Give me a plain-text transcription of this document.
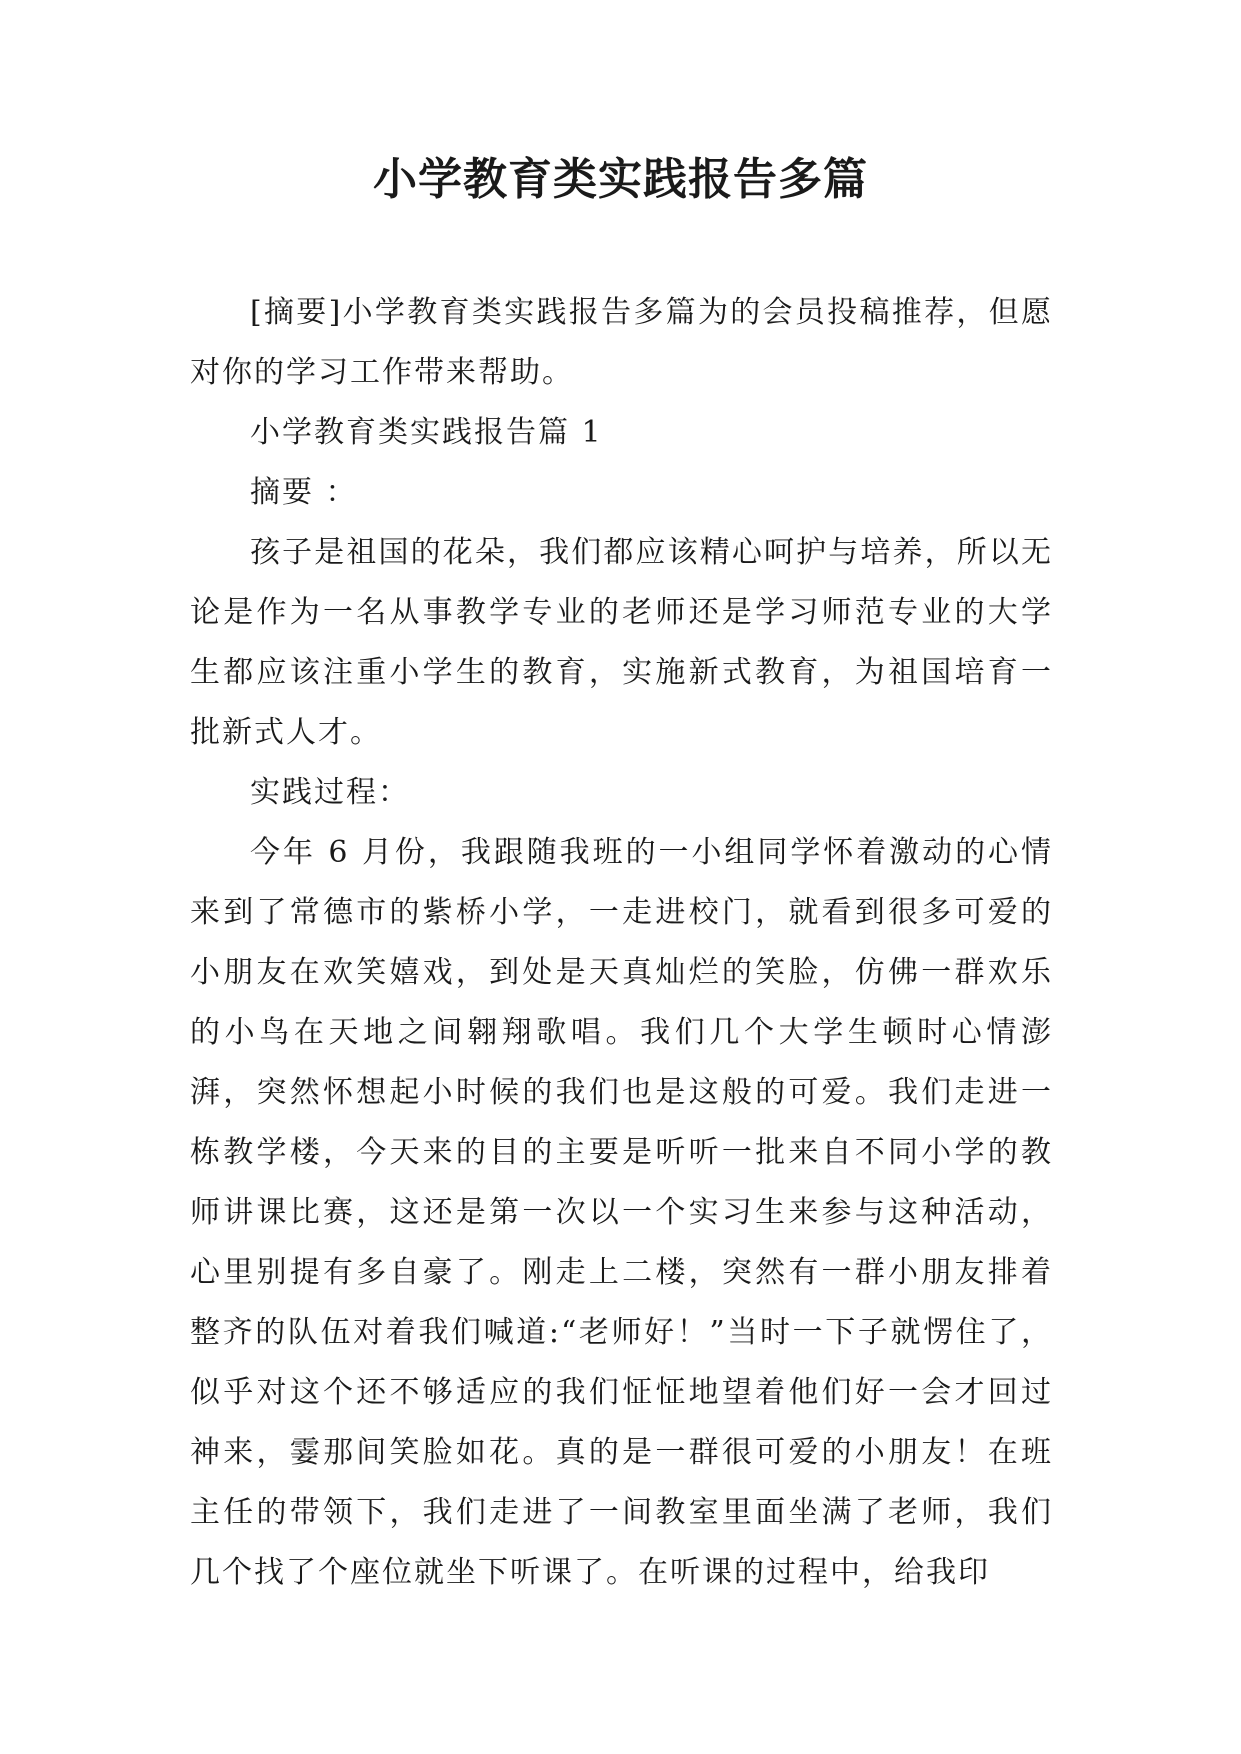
小学教育类实践报告多篇

[摘要]小学教育类实践报告多篇为的会员投稿推荐，但愿对你的学习工作带来帮助。

小学教育类实践报告篇 1

摘要 ：

孩子是祖国的花朵，我们都应该精心呵护与培养，所以无论是作为一名从事教学专业的老师还是学习师范专业的大学生都应该注重小学生的教育，实施新式教育，为祖国培育一批新式人才。

实践过程：

今年 6 月份，我跟随我班的一小组同学怀着激动的心情来到了常德市的紫桥小学，一走进校门，就看到很多可爱的小朋友在欢笑嬉戏，到处是天真灿烂的笑脸，仿佛一群欢乐的小鸟在天地之间翱翔歌唱。我们几个大学生顿时心情澎湃，突然怀想起小时候的我们也是这般的可爱。我们走进一栋教学楼，今天来的目的主要是听听一批来自不同小学的教师讲课比赛，这还是第一次以一个实习生来参与这种活动，心里别提有多自豪了。刚走上二楼，突然有一群小朋友排着整齐的队伍对着我们喊道:“老师好！”当时一下子就愣住了，似乎对这个还不够适应的我们怔怔地望着他们好一会才回过神来，霎那间笑脸如花。真的是一群很可爱的小朋友！在班主任的带领下，我们走进了一间教室里面坐满了老师，我们几个找了个座位就坐下听课了。在听课的过程中，给我印
